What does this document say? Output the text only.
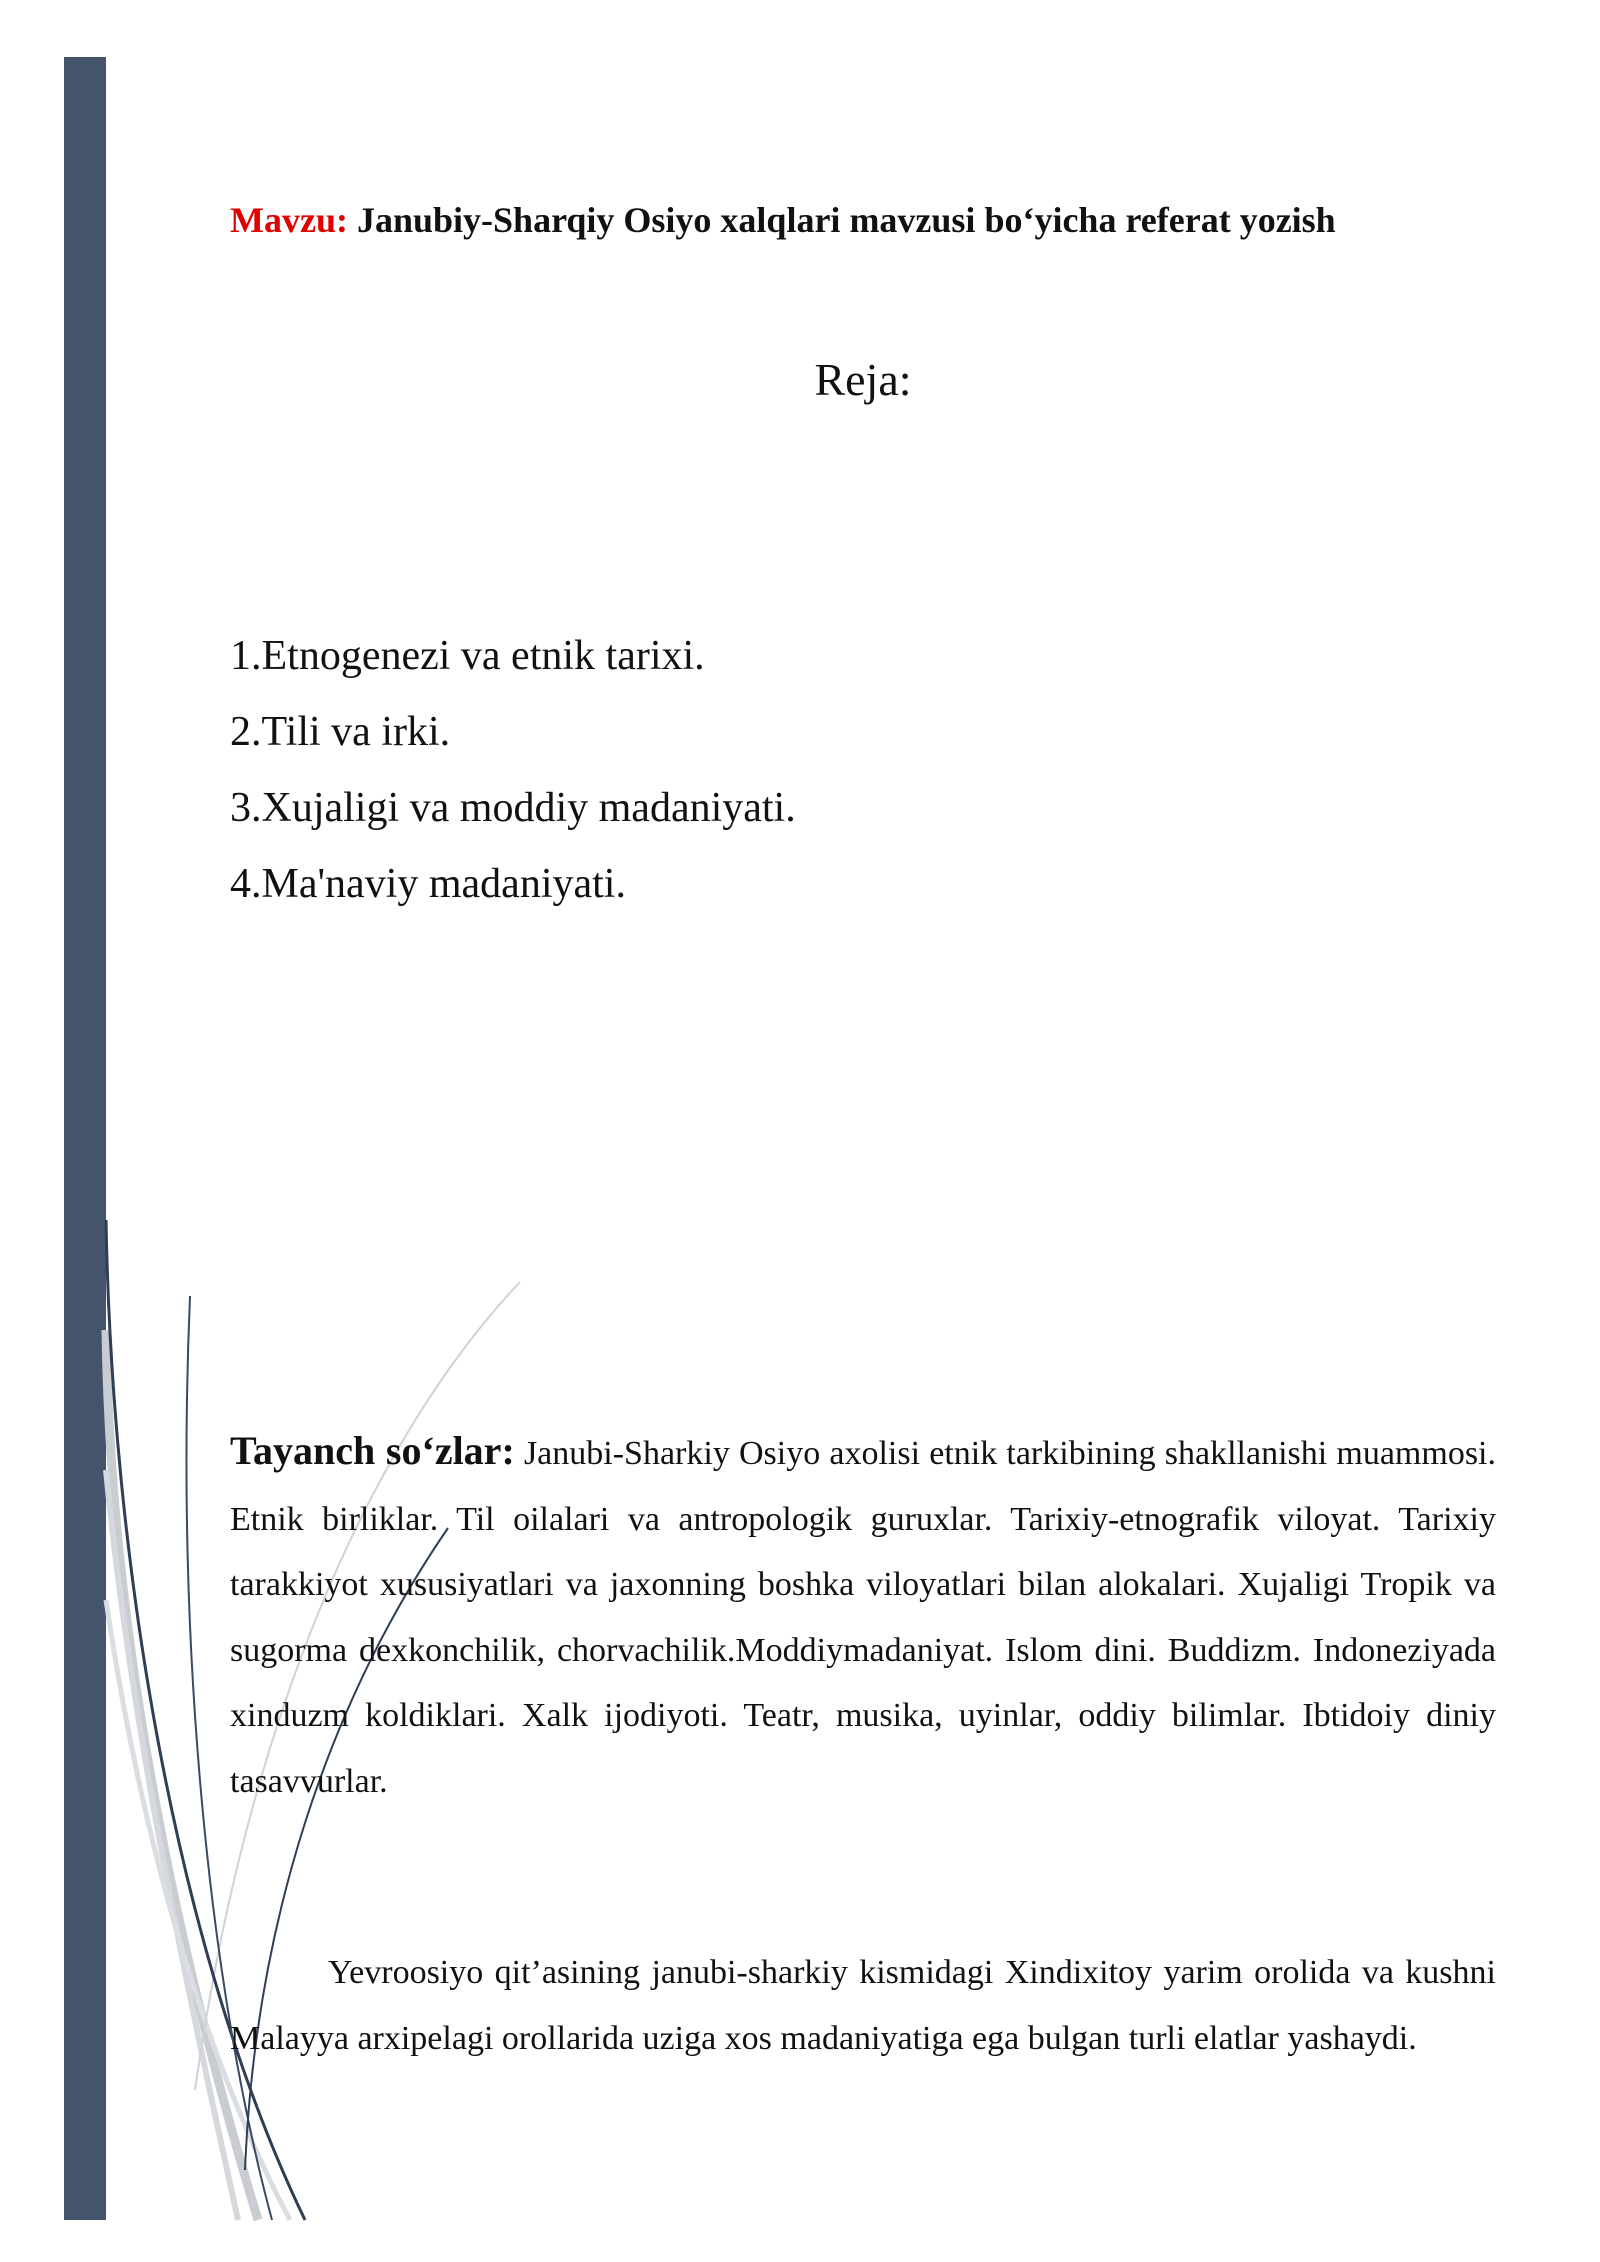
Mavzu: Janubiy-Sharqiy Osiyo xalqlari mavzusi bo‘yicha referat yozish
Reja:
1.Etnogenezi va etnik tarixi.
2.Tili va irki.
3.Xujaligi va moddiy madaniyati.
4.Ma'naviy madaniyati.

Tayanch so‘zlar: Janubi-Sharkiy Osiyo axolisi etnik tarkibining shakllanishi muammosi. Etnik birliklar. Til oilalari va antropologik guruxlar. Tarixiy-etnografik viloyat. Tarixiy tarakkiyot xususiyatlari va jaxonning boshka viloyatlari bilan alokalari. Xujaligi Tropik va sugorma dexkonchilik, chorvachilik.Moddiymadaniyat. Islom dini. Buddizm. Indoneziyada xinduzm koldiklari. Xalk ijodiyoti. Teatr, musika, uyinlar, oddiy bilimlar. Ibtidoiy diniy tasavvurlar.

Yevroosiyo qit’asining janubi-sharkiy kismidagi Xindixitoy yarim orolida va kushni Malayya arxipelagi orollarida uziga xos madaniyatiga ega bulgan turli elatlar yashaydi.
